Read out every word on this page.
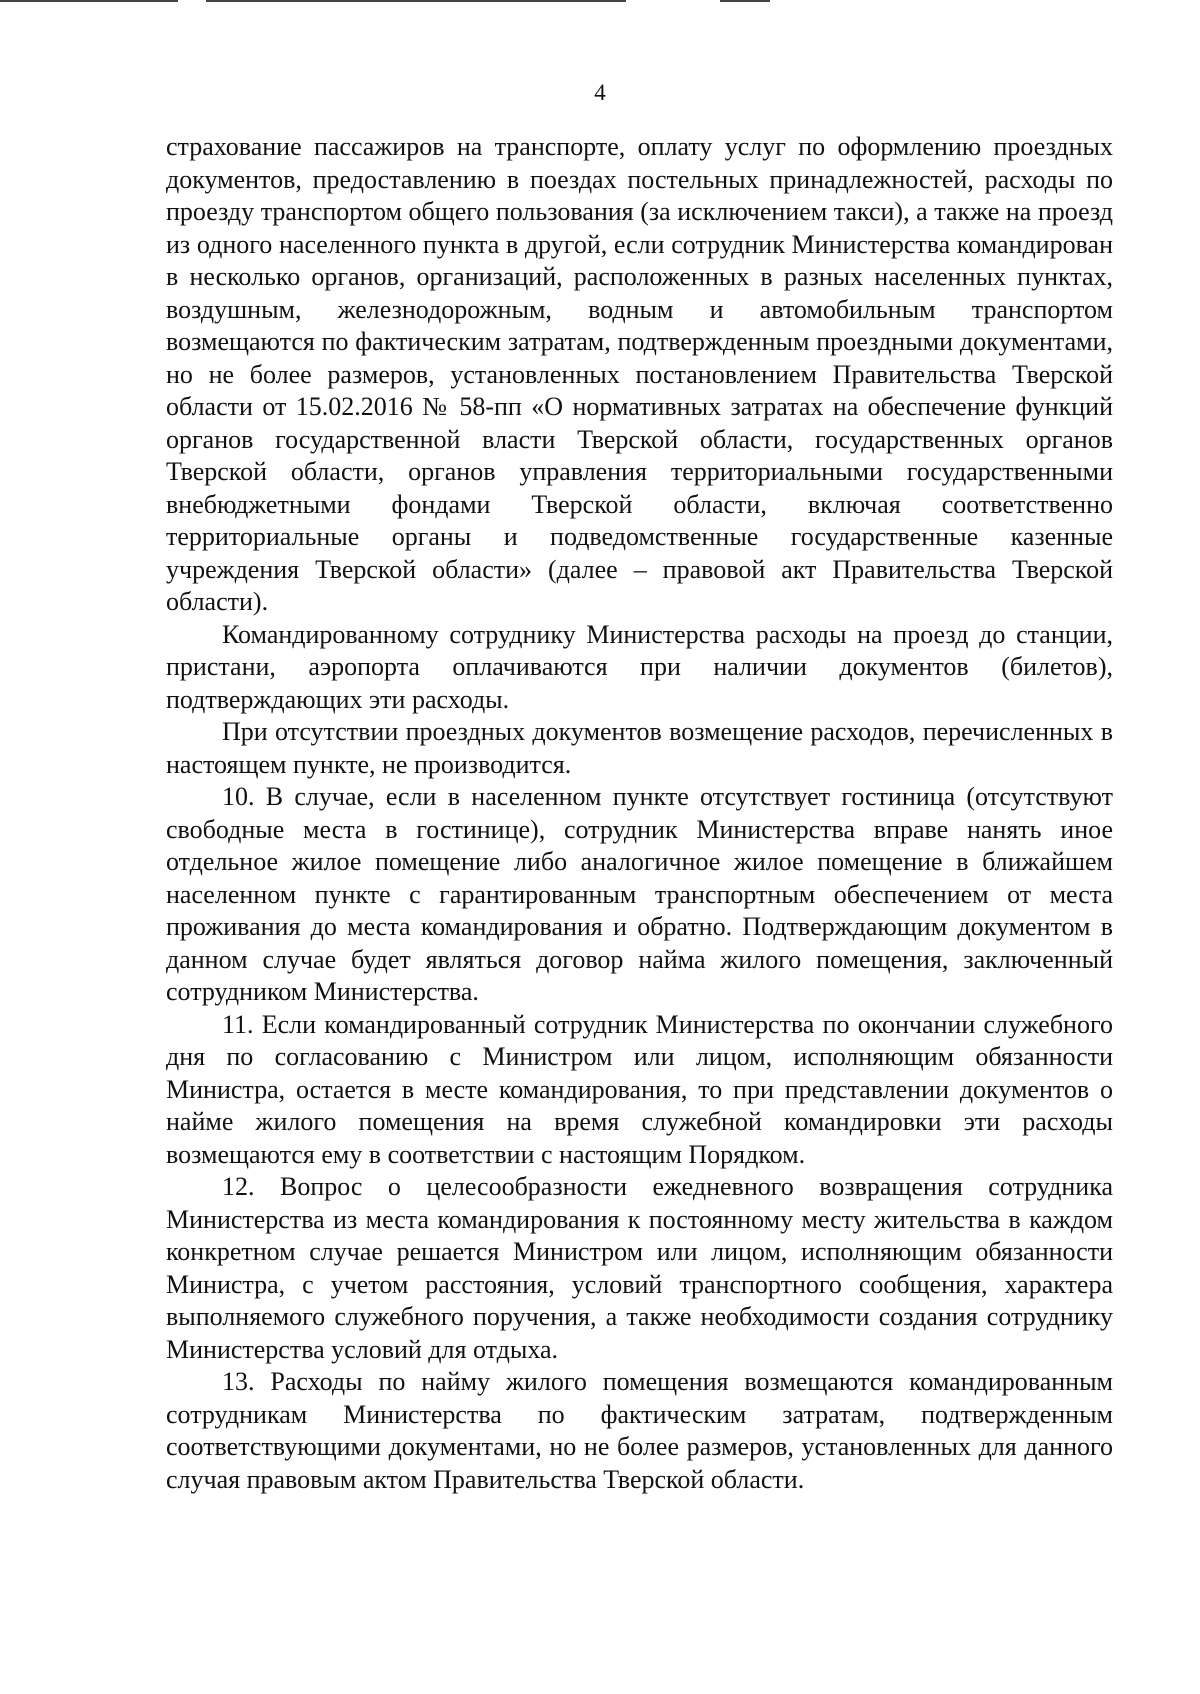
4

страхование пассажиров на транспорте, оплату услуг по оформлению проездных документов, предоставлению в поездах постельных принадлежностей, расходы по проезду транспортом общего пользования (за исключением такси), а также на проезд из одного населенного пункта в другой, если сотрудник Министерства командирован в несколько органов, организаций, расположенных в разных населенных пунктах, воздушным, железнодорожным, водным и автомобильным транспортом возмещаются по фактическим затратам, подтвержденным проездными документами, но не более размеров, установленных постановлением Правительства Тверской области от 15.02.2016 № 58-пп «О нормативных затратах на обеспечение функций органов государственной власти Тверской области, государственных органов Тверской области, органов управления территориальными государственными внебюджетными фондами Тверской области, включая соответственно территориальные органы и подведомственные государственные казенные учреждения Тверской области» (далее – правовой акт Правительства Тверской области).

Командированному сотруднику Министерства расходы на проезд до станции, пристани, аэропорта оплачиваются при наличии документов (билетов), подтверждающих эти расходы.

При отсутствии проездных документов возмещение расходов, перечисленных в настоящем пункте, не производится.

10. В случае, если в населенном пункте отсутствует гостиница (отсутствуют свободные места в гостинице), сотрудник Министерства вправе нанять иное отдельное жилое помещение либо аналогичное жилое помещение в ближайшем населенном пункте с гарантированным транспортным обеспечением от места проживания до места командирования и обратно. Подтверждающим документом в данном случае будет являться договор найма жилого помещения, заключенный сотрудником Министерства.

11. Если командированный сотрудник Министерства по окончании служебного дня по согласованию с Министром или лицом, исполняющим обязанности Министра, остается в месте командирования, то при представлении документов о найме жилого помещения на время служебной командировки эти расходы возмещаются ему в соответствии с настоящим Порядком.

12. Вопрос о целесообразности ежедневного возвращения сотрудника Министерства из места командирования к постоянному месту жительства в каждом конкретном случае решается Министром или лицом, исполняющим обязанности Министра, с учетом расстояния, условий транспортного сообщения, характера выполняемого служебного поручения, а также необходимости создания сотруднику Министерства условий для отдыха.

13. Расходы по найму жилого помещения возмещаются командированным сотрудникам Министерства по фактическим затратам, подтвержденным соответствующими документами, но не более размеров, установленных для данного случая правовым актом Правительства Тверской области.
